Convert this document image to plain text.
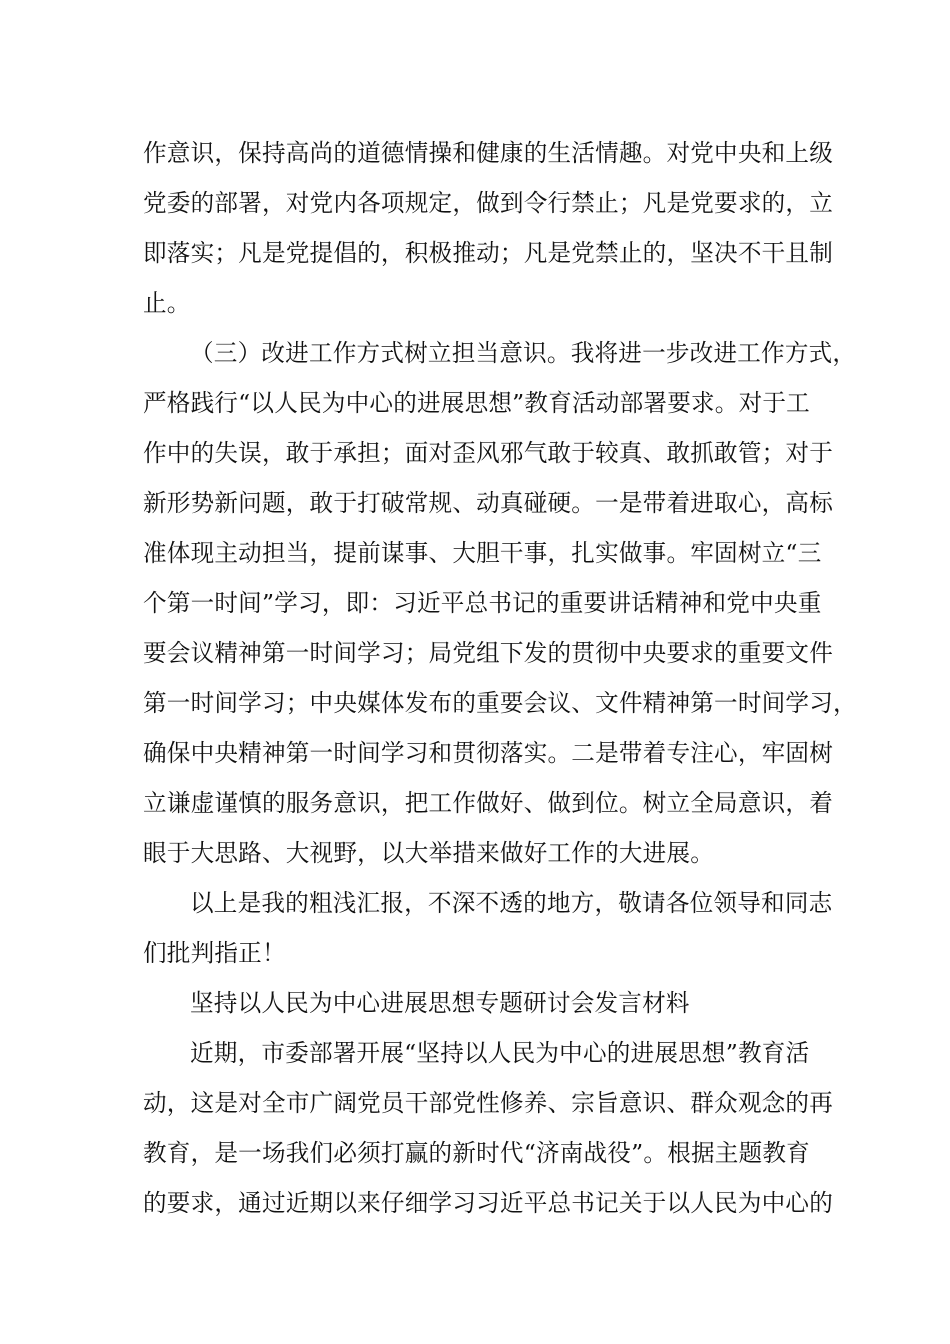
作意识，保持高尚的道德情操和健康的生活情趣。对党中央和上级
党委的部署，对党内各项规定，做到令行禁止；凡是党要求的，立
即落实；凡是党提倡的，积极推动；凡是党禁止的，坚决不干且制
止。
（三）改进工作方式树立担当意识。我将进一步改进工作方式，
严格践行“以人民为中心的进展思想”教育活动部署要求。对于工
作中的失误，敢于承担；面对歪风邪气敢于较真、敢抓敢管；对于
新形势新问题，敢于打破常规、动真碰硬。一是带着进取心，高标
准体现主动担当，提前谋事、大胆干事，扎实做事。牢固树立“三
个第一时间”学习，即：习近平总书记的重要讲话精神和党中央重
要会议精神第一时间学习；局党组下发的贯彻中央要求的重要文件
第一时间学习；中央媒体发布的重要会议、文件精神第一时间学习，
确保中央精神第一时间学习和贯彻落实。二是带着专注心，牢固树
立谦虚谨慎的服务意识，把工作做好、做到位。树立全局意识，着
眼于大思路、大视野，以大举措来做好工作的大进展。
以上是我的粗浅汇报，不深不透的地方，敬请各位领导和同志
们批判指正！
坚持以人民为中心进展思想专题研讨会发言材料
近期，市委部署开展“坚持以人民为中心的进展思想”教育活
动，这是对全市广阔党员干部党性修养、宗旨意识、群众观念的再
教育，是一场我们必须打赢的新时代“济南战役”。根据主题教育
的要求，通过近期以来仔细学习习近平总书记关于以人民为中心的
